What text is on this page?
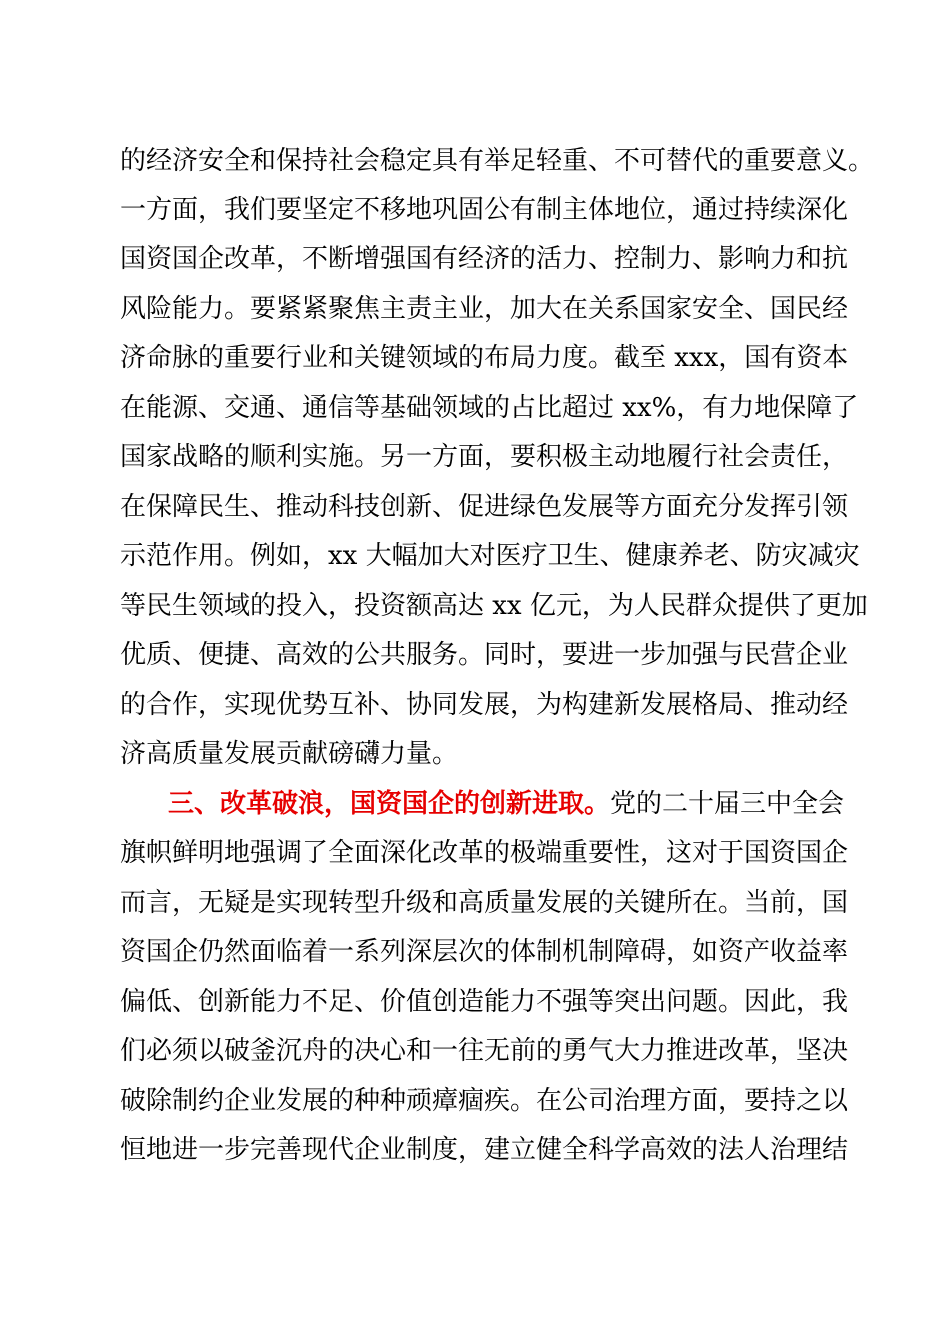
的经济安全和保持社会稳定具有举足轻重、不可替代的重要意义。
一方面，我们要坚定不移地巩固公有制主体地位，通过持续深化
国资国企改革，不断增强国有经济的活力、控制力、影响力和抗
风险能力。要紧紧聚焦主责主业，加大在关系国家安全、国民经
济命脉的重要行业和关键领域的布局力度。截至 xxx，国有资本
在能源、交通、通信等基础领域的占比超过 xx%，有力地保障了
国家战略的顺利实施。另一方面，要积极主动地履行社会责任，
在保障民生、推动科技创新、促进绿色发展等方面充分发挥引领
示范作用。例如，xx 大幅加大对医疗卫生、健康养老、防灾减灾
等民生领域的投入，投资额高达 xx 亿元，为人民群众提供了更加
优质、便捷、高效的公共服务。同时，要进一步加强与民营企业
的合作，实现优势互补、协同发展，为构建新发展格局、推动经
济高质量发展贡献磅礴力量。
三、改革破浪，国资国企的创新进取。党的二十届三中全会
旗帜鲜明地强调了全面深化改革的极端重要性，这对于国资国企
而言，无疑是实现转型升级和高质量发展的关键所在。当前，国
资国企仍然面临着一系列深层次的体制机制障碍，如资产收益率
偏低、创新能力不足、价值创造能力不强等突出问题。因此，我
们必须以破釜沉舟的决心和一往无前的勇气大力推进改革，坚决
破除制约企业发展的种种顽瘴痼疾。在公司治理方面，要持之以
恒地进一步完善现代企业制度，建立健全科学高效的法人治理结
